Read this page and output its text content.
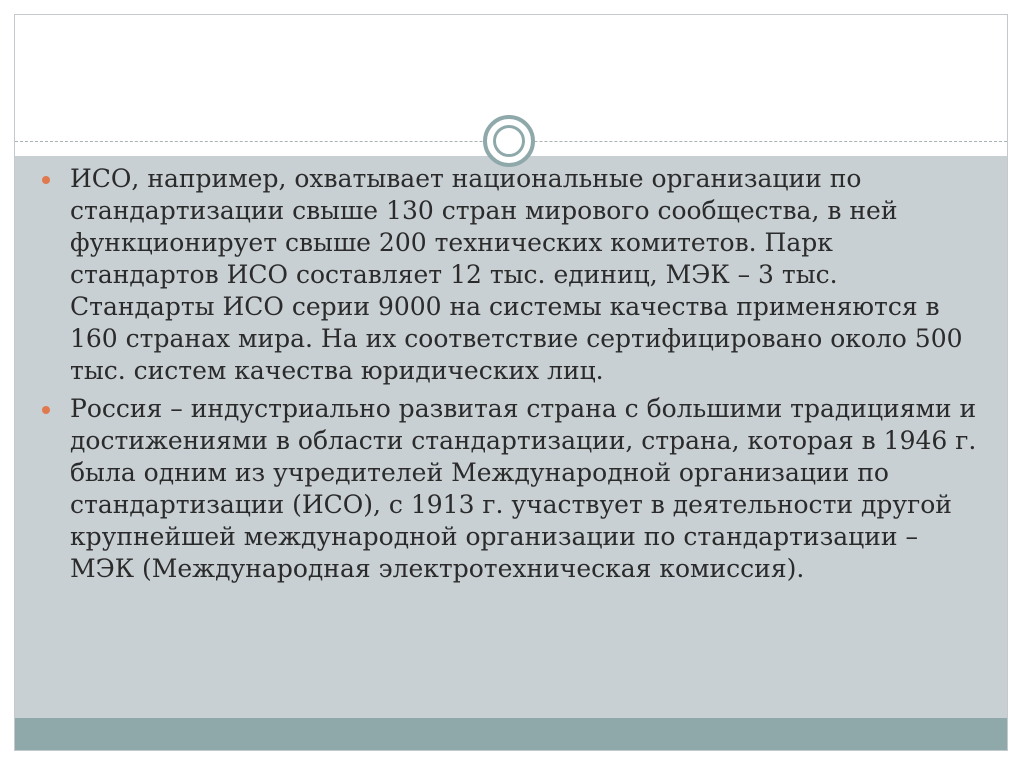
ИСО, например, охватывает национальные организации по стандартизации свыше 130 стран мирового сообщества, в ней функционирует свыше 200 технических комитетов. Парк стандартов ИСО составляет 12 тыс. единиц, МЭК – 3 тыс. Стандарты ИСО серии 9000 на системы качества применяются в 160 странах мира. На их соответствие сертифицировано около 500 тыс. систем качества юридических лиц.
Россия – индустриально развитая страна с большими традициями и достижениями в области стандартизации, страна, которая в 1946 г. была одним из учредителей Международной организации по стандартизации (ИСО), с 1913 г. участвует в деятельности другой крупнейшей международной организации по стандартизации – МЭК (Международная электротехническая комиссия).
